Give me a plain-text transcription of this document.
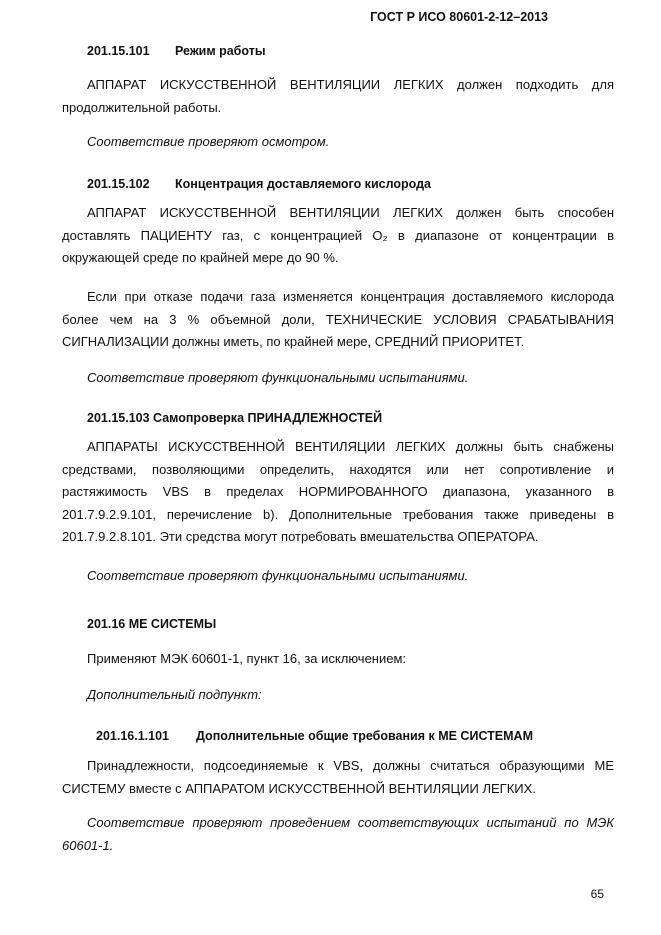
ГОСТ Р ИСО 80601-2-12–2013
201.15.101 Режим работы
АППАРАТ ИСКУССТВЕННОЙ ВЕНТИЛЯЦИИ ЛЕГКИХ должен подходить для продолжительной работы.
Соответствие проверяют осмотром.
201.15.102 Концентрация доставляемого кислорода
АППАРАТ ИСКУССТВЕННОЙ ВЕНТИЛЯЦИИ ЛЕГКИХ должен быть способен доставлять ПАЦИЕНТУ газ, с концентрацией O₂ в диапазоне от концентрации в окружающей среде по крайней мере до 90 %.
Если при отказе подачи газа изменяется концентрация доставляемого кислорода более чем на 3 % объемной доли, ТЕХНИЧЕСКИЕ УСЛОВИЯ СРАБАТЫВАНИЯ СИГНАЛИЗАЦИИ должны иметь, по крайней мере, СРЕДНИЙ ПРИОРИТЕТ.
Соответствие проверяют функциональными испытаниями.
201.15.103 Самопроверка ПРИНАДЛЕЖНОСТЕЙ
АППАРАТЫ ИСКУССТВЕННОЙ ВЕНТИЛЯЦИИ ЛЕГКИХ должны быть снабжены средствами, позволяющими определить, находятся или нет сопротивление и растяжимость VBS в пределах НОРМИРОВАННОГО диапазона, указанного в 201.7.9.2.9.101, перечисление b). Дополнительные требования также приведены в 201.7.9.2.8.101. Эти средства могут потребовать вмешательства ОПЕРАТОРА.
Соответствие проверяют функциональными испытаниями.
201.16 МЕ СИСТЕМЫ
Применяют МЭК 60601-1, пункт 16, за исключением:
Дополнительный подпункт:
201.16.1.101 Дополнительные общие требования к МЕ СИСТЕМАМ
Принадлежности, подсоединяемые к VBS, должны считаться образующими МЕ СИСТЕМУ вместе с АППАРАТОМ ИСКУССТВЕННОЙ ВЕНТИЛЯЦИИ ЛЕГКИХ.
Соответствие проверяют проведением соответствующих испытаний по МЭК 60601-1.
65
